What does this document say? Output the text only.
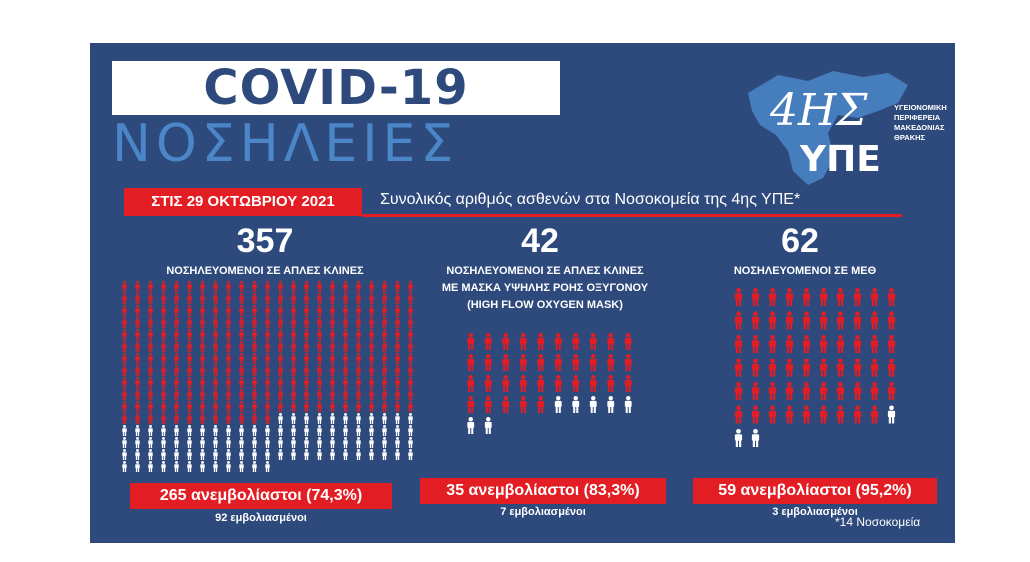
COVID-19
ΝΟΣΗΛΕΙΕΣ
4ΗΣ
ΥΠΕ
ΥΓΕΙΟΝΟΜΙΚΗ
ΠΕΡΙΦΕΡΕΙΑ
ΜΑΚΕΔΟΝΙΑΣ
ΘΡΑΚΗΣ
ΣΤΙΣ 29 ΟΚΤΩΒΡΙΟΥ 2021	Συνολικός αριθμός ασθενών στα Νοσοκομεία της 4ης ΥΠΕ*
357
ΝΟΣΗΛΕΥΟΜΕΝΟΙ ΣΕ ΑΠΛΕΣ ΚΛΙΝΕΣ
265 ανεμβολίαστοι (74,3%)
92 εμβολιασμένοι
42
ΝΟΣΗΛΕΥΟΜΕΝΟΙ ΣΕ ΑΠΛΕΣ ΚΛΙΝΕΣ
ΜΕ ΜΑΣΚΑ ΥΨΗΛΗΣ ΡΟΗΣ ΟΞΥΓΟΝΟΥ
(HIGH FLOW OXYGEN MASK)
35 ανεμβολίαστοι (83,3%)
7 εμβολιασμένοι
62
ΝΟΣΗΛΕΥΟΜΕΝΟΙ ΣΕ ΜΕΘ
59 ανεμβολίαστοι (95,2%)
3 εμβολιασμένοι
*14 Νοσοκομεία
